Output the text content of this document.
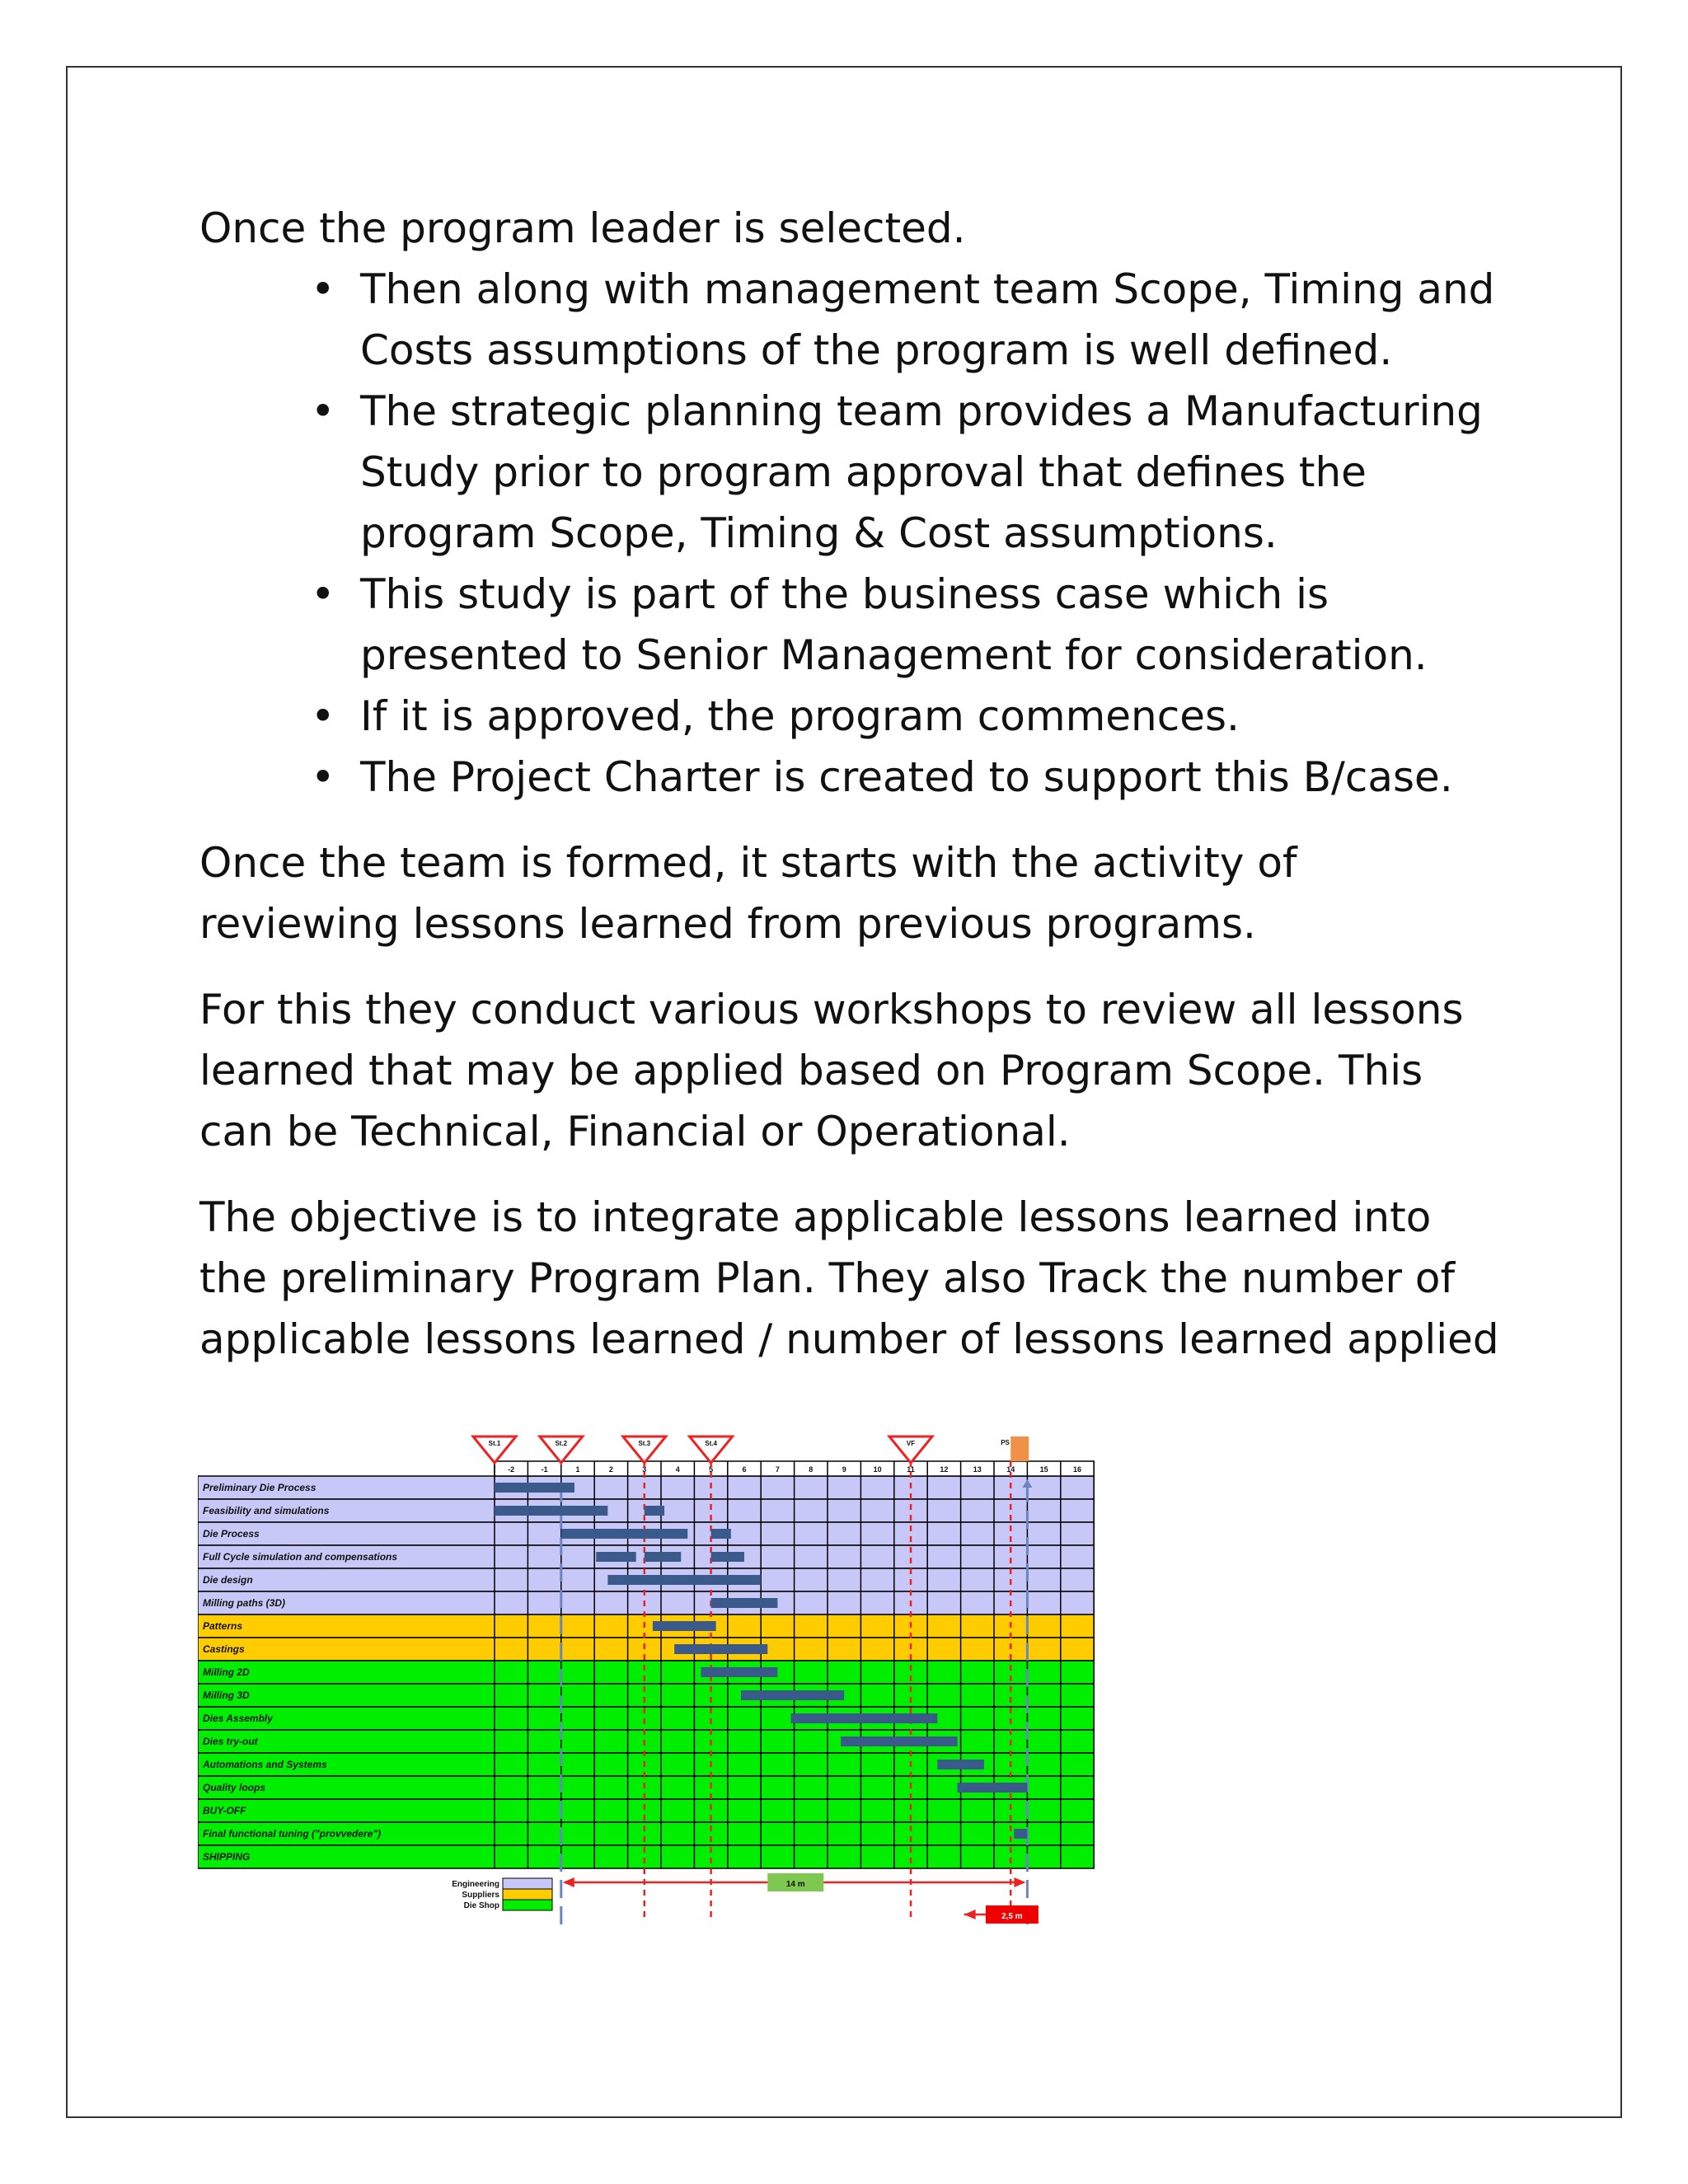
Once the program leader is selected.

• Then along with management team Scope, Timing and Costs assumptions of the program is well defined.
• The strategic planning team provides a Manufacturing Study prior to program approval that defines the program Scope, Timing & Cost assumptions.
• This study is part of the business case which is presented to Senior Management for consideration.
• If it is approved, the program commences.
• The Project Charter is created to support this B/case.

Once the team is formed, it starts with the activity of reviewing lessons learned from previous programs.

For this they conduct various workshops to review all lessons learned that may be applied based on Program Scope. This can be Technical, Financial or Operational.

The objective is to integrate applicable lessons learned into the preliminary Program Plan. They also Track the number of applicable lessons learned / number of lessons learned applied

-2	-1	1	2	3	4	5	6	7	8	9	10	11	12	13	14	15	16
Preliminary Die Process
Feasibility and simulations
Die Process
Full Cycle simulation and compensations
Die design
Milling paths (3D)
Patterns
Castings
Milling 2D
Milling 3D
Dies Assembly
Dies try-out
Automations and Systems
Quality loops
BUY-OFF
Final functional tuning ("provvedere")
SHIPPING
St.1	St.2	St.3	St.4	VF	PS
14 m
2,5 m
Engineering
Suppliers
Die Shop
